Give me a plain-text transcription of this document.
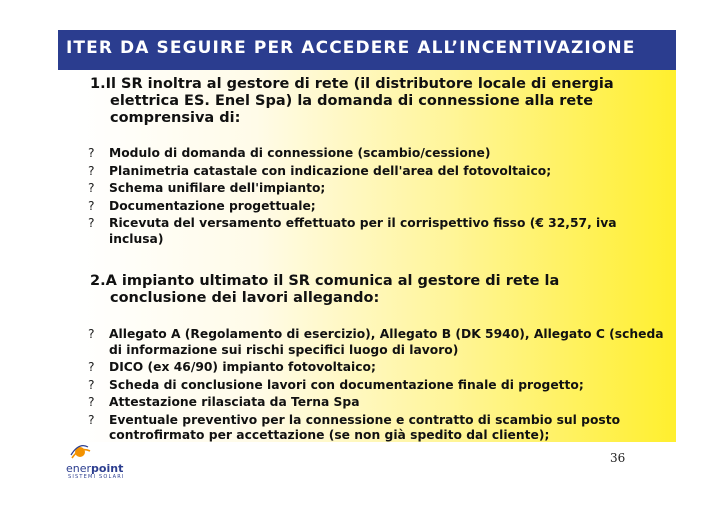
ITER DA SEGUIRE PER ACCEDERE ALL’INCENTIVAZIONE
1.Il SR inoltra al gestore di rete (il distributore locale di energia elettrica ES. Enel Spa) la domanda di connessione alla rete comprensiva di:
? Modulo di domanda di connessione (scambio/cessione)
? Planimetria catastale con indicazione dell'area del fotovoltaico;
? Schema unifilare dell'impianto;
? Documentazione progettuale;
? Ricevuta del versamento effettuato per il corrispettivo fisso (€ 32,57, iva inclusa)
2.A impianto ultimato il SR comunica al gestore di rete la conclusione dei lavori allegando:
? Allegato A (Regolamento di esercizio), Allegato B (DK 5940), Allegato C (scheda di informazione sui rischi specifici luogo di lavoro)
? DICO (ex 46/90) impianto fotovoltaico;
? Scheda di conclusione lavori con documentazione finale di progetto;
? Attestazione rilasciata da Terna Spa
? Eventuale preventivo per la connessione e contratto di scambio sul posto controfirmato per accettazione (se non già spedito dal cliente);
enerpoint
SISTEMI SOLARI
36
